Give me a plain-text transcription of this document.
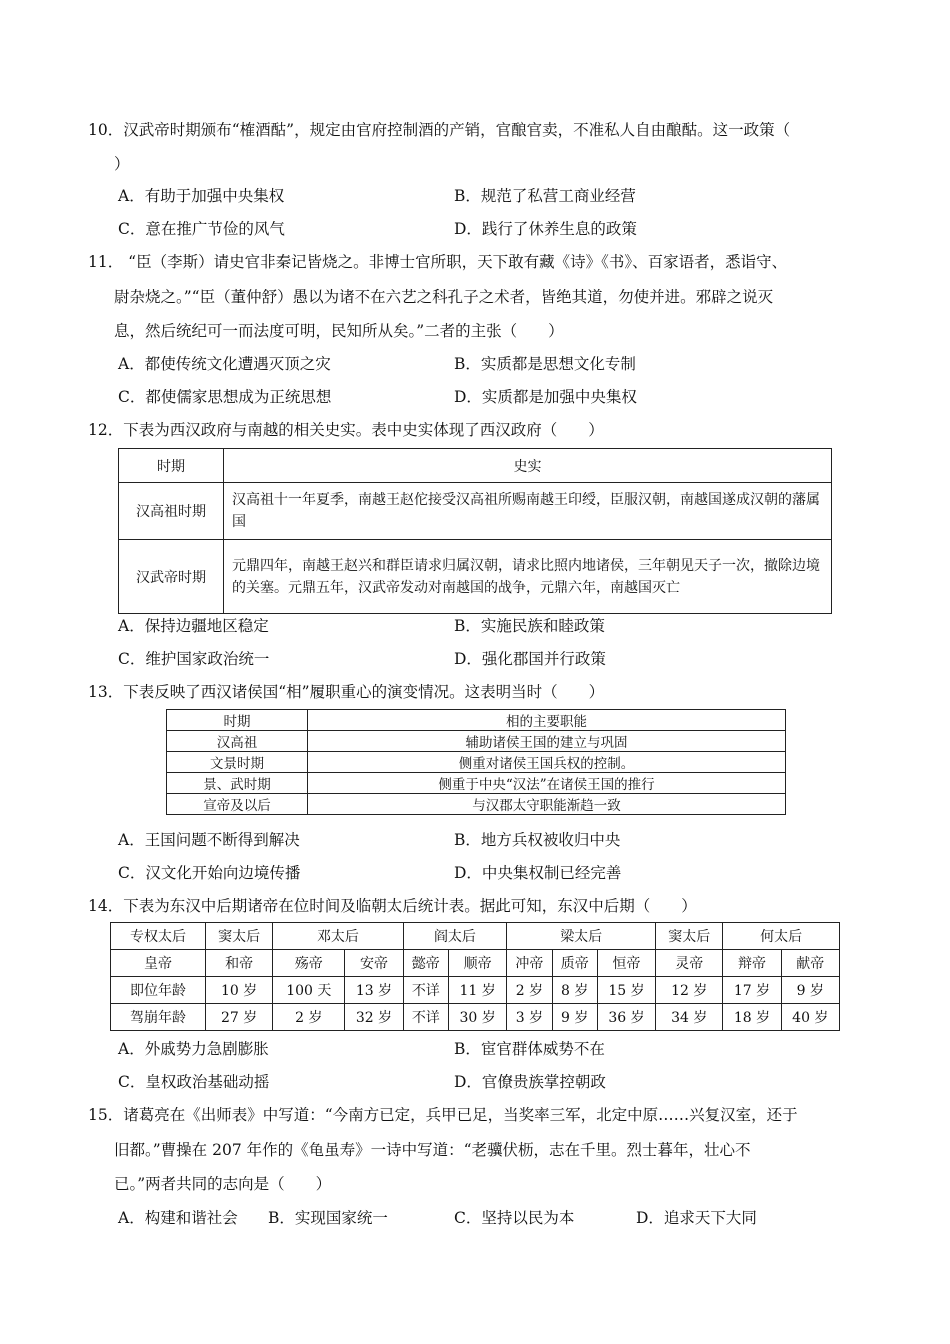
10．汉武帝时期颁布“榷酒酤”，规定由官府控制酒的产销，官酿官卖，不准私人自由酿酤。这一政策（
）
A．有助于加强中央集权	B．规范了私营工商业经营
C．意在推广节俭的风气	D．践行了休养生息的政策
11． “臣（李斯）请史官非秦记皆烧之。非博士官所职，天下敢有藏《诗》《书》、百家语者，悉诣守、
尉杂烧之。”“臣（董仲舒）愚以为诸不在六艺之科孔子之术者，皆绝其道，勿使并进。邪辟之说灭
息，然后统纪可一而法度可明，民知所从矣。”二者的主张（　　）
A．都使传统文化遭遇灭顶之灾	B．实质都是思想文化专制
C．都使儒家思想成为正统思想	D．实质都是加强中央集权
12．下表为西汉政府与南越的相关史实。表中史实体现了西汉政府（　　）
时期	史实
汉高祖时期	汉高祖十一年夏季，南越王赵佗接受汉高祖所赐南越王印绶，臣服汉朝，南越国遂成汉朝的藩属国
汉武帝时期	元鼎四年，南越王赵兴和群臣请求归属汉朝，请求比照内地诸侯，三年朝见天子一次，撤除边境的关塞。元鼎五年，汉武帝发动对南越国的战争，元鼎六年，南越国灭亡
A．保持边疆地区稳定	B．实施民族和睦政策
C．维护国家政治统一	D．强化郡国并行政策
13．下表反映了西汉诸侯国“相”履职重心的演变情况。这表明当时（　　）
时期	相的主要职能
汉高祖	辅助诸侯王国的建立与巩固
文景时期	侧重对诸侯王国兵权的控制。
景、武时期	侧重于中央“汉法”在诸侯王国的推行
宣帝及以后	与汉郡太守职能渐趋一致
A．王国问题不断得到解决	B．地方兵权被收归中央
C．汉文化开始向边境传播	D．中央集权制已经完善
14．下表为东汉中后期诸帝在位时间及临朝太后统计表。据此可知，东汉中后期（　　）
专权太后	窦太后	邓太后		阎太后		梁太后			窦太后	何太后	
皇帝	和帝	殇帝	安帝	懿帝	顺帝	冲帝	质帝	恒帝	灵帝	辩帝	献帝
即位年龄	10 岁	100 天	13 岁	不详	11 岁	2 岁	8 岁	15 岁	12 岁	17 岁	9 岁
驾崩年龄	27 岁	2 岁	32 岁	不详	30 岁	3 岁	9 岁	36 岁	34 岁	18 岁	40 岁
A．外戚势力急剧膨胀	B．宦官群体威势不在
C．皇权政治基础动摇	D．官僚贵族掌控朝政
15．诸葛亮在《出师表》中写道：“今南方已定，兵甲已足，当奖率三军，北定中原……兴复汉室，还于
旧都。”曹操在 207 年作的《龟虽寿》一诗中写道：“老骥伏枥，志在千里。烈士暮年，壮心不
已。”两者共同的志向是（　　）
A．构建和谐社会 B．实现国家统一	C．坚持以民为本	D．追求天下大同
